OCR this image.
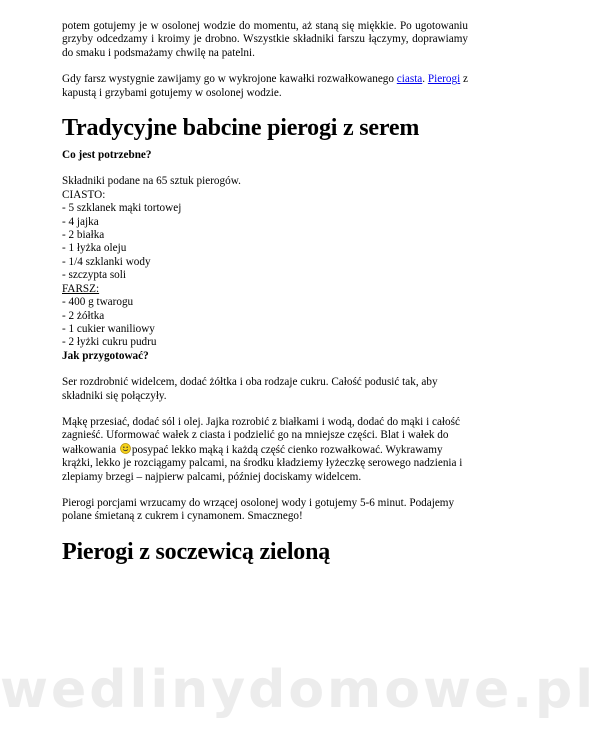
potem gotujemy je w osolonej wodzie do momentu, aż staną się miękkie. Po ugotowaniu grzyby odcedzamy i kroimy je drobno. Wszystkie składniki farszu łączymy, doprawiamy do smaku i podsmażamy chwilę na patelni.

Gdy farsz wystygnie zawijamy go w wykrojone kawałki rozwałkowanego ciasta. Pierogi z kapustą i grzybami gotujemy w osolonej wodzie.

Tradycyjne babcine pierogi z serem

Co jest potrzebne?

Składniki podane na 65 sztuk pierogów.

CIASTO:

- 5 szklanek mąki tortowej

- 4 jajka

- 2 białka

- 1 łyżka oleju

- 1/4 szklanki wody

- szczypta soli

FARSZ:

- 400 g twarogu

- 2 żółtka

- 1 cukier waniliowy

- 2 łyżki cukru pudru

Jak przygotować?

Ser rozdrobnić widelcem, dodać żółtka i oba rodzaje cukru. Całość podusić tak, aby składniki się połączyły.

Mąkę przesiać, dodać sól i olej. Jajka rozrobić z białkami i wodą, dodać do mąki i całość zagnieść. Uformować wałek z ciasta i podzielić go na mniejsze części. Blat i wałek do wałkowania posypać lekko mąką i każdą część cienko rozwałkować. Wykrawamy krążki, lekko je rozciągamy palcami, na środku kładziemy łyżeczkę serowego nadzienia i zlepiamy brzegi – najpierw palcami, później dociskamy widelcem.

Pierogi porcjami wrzucamy do wrzącej osolonej wody i gotujemy 5-6 minut. Podajemy polane śmietaną z cukrem i cynamonem. Smacznego!

Pierogi z soczewicą zieloną
wedlinydomowe.pl
